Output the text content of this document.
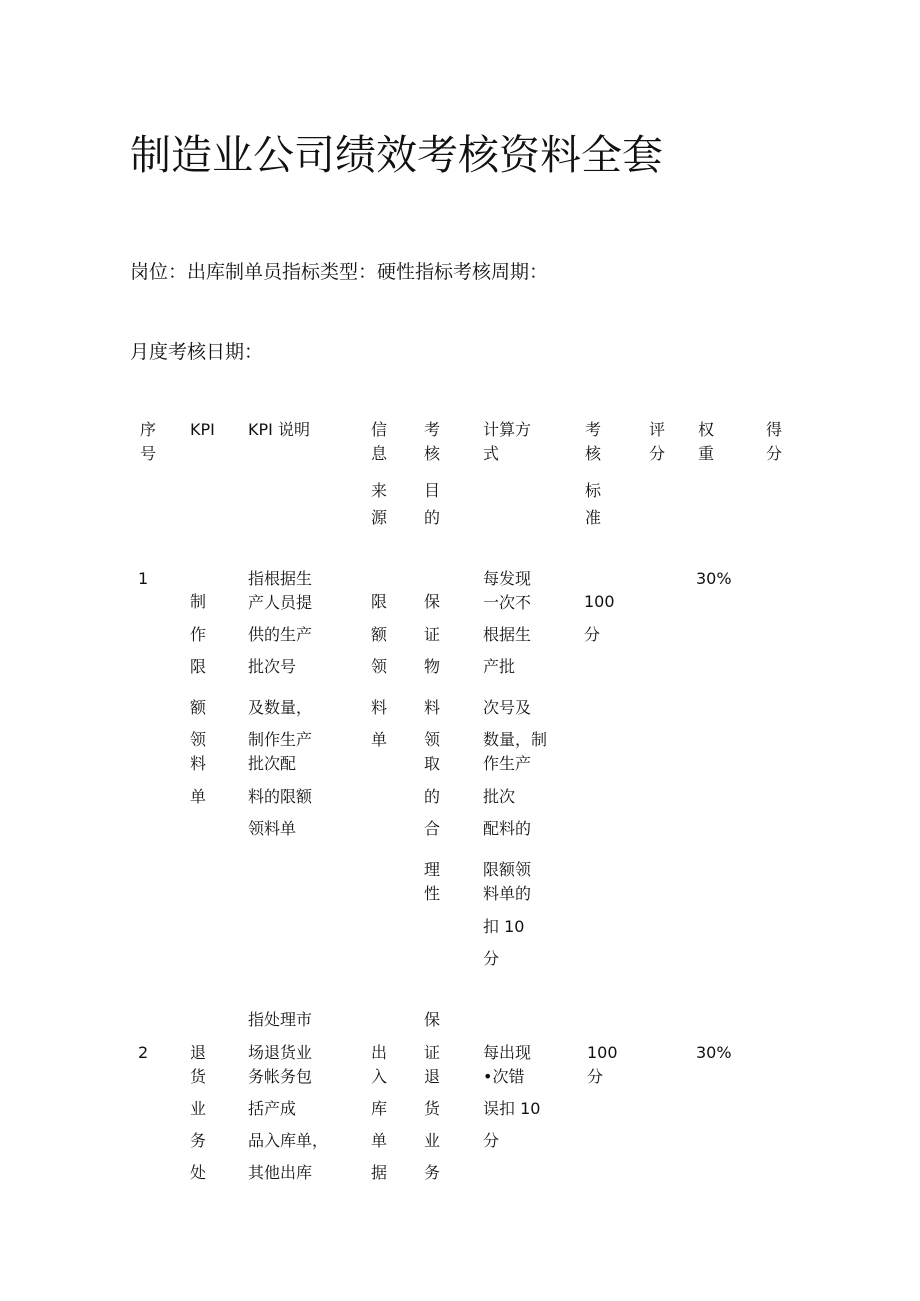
制造业公司绩效考核资料全套
岗位：出库制单员指标类型：硬性指标考核周期：
月度考核日期：
序
号
KPI KPI 说明	信
息
来
源
考
核
目
的
计算方
式
考
核
标
准
评
分
权
重
得
分
1
制
作
限
额
领
料
单
指根据生
产人员提
供的生产
批次号
及数量，
制作生产
批次配
料的限额
领料单
限
额
领
料
单
保
证
物
料
领
取
的
合
理
性
每发现
一次不
根据生
产批
次号及
数量，制
作生产
批次
配料的
限额领
料单的
扣 10
分
100
分
30%
2	退
货
业
务
处
指处理市
场退货业
务帐务包
括产成
品入库单，
其他出库
出
入
库
单
据
保
证
退
货
业
务
每出现
•次错
误扣 10
分
100
分
30%
